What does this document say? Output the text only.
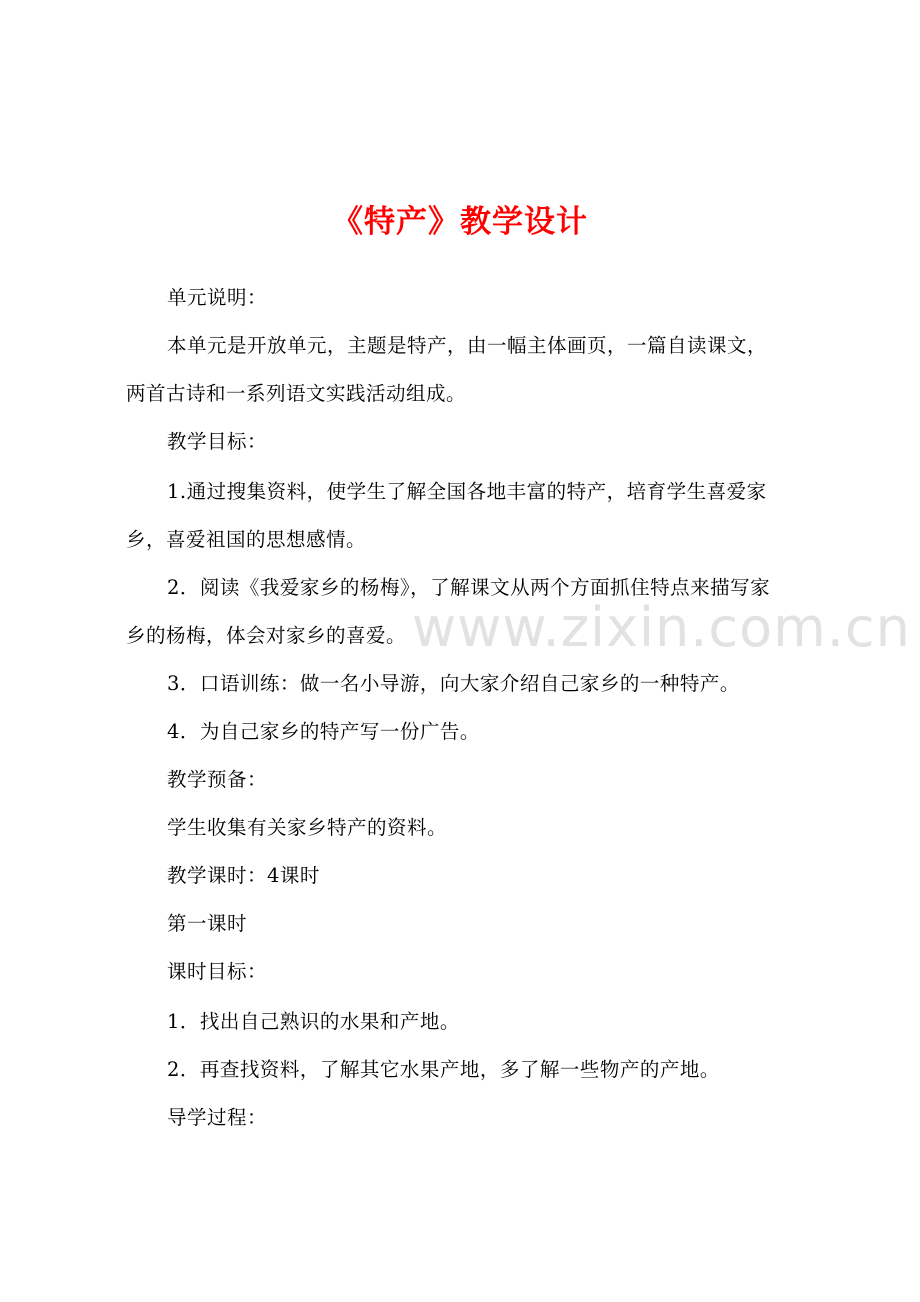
《特产》教学设计

单元说明：

本单元是开放单元，主题是特产，由一幅主体画页，一篇自读课文，

两首古诗和一系列语文实践活动组成。

教学目标：

1.通过搜集资料，使学生了解全国各地丰富的特产，培育学生喜爱家

乡，喜爱祖国的思想感情。

2．阅读《我爱家乡的杨梅》，了解课文从两个方面抓住特点来描写家

乡的杨梅，体会对家乡的喜爱。

3．口语训练：做一名小导游，向大家介绍自己家乡的一种特产。

4．为自己家乡的特产写一份广告。

教学预备：

学生收集有关家乡特产的资料。

教学课时：4课时

第一课时

课时目标：

1．找出自己熟识的水果和产地。

2．再查找资料，了解其它水果产地，多了解一些物产的产地。

导学过程：

www.zixin.com.cn
